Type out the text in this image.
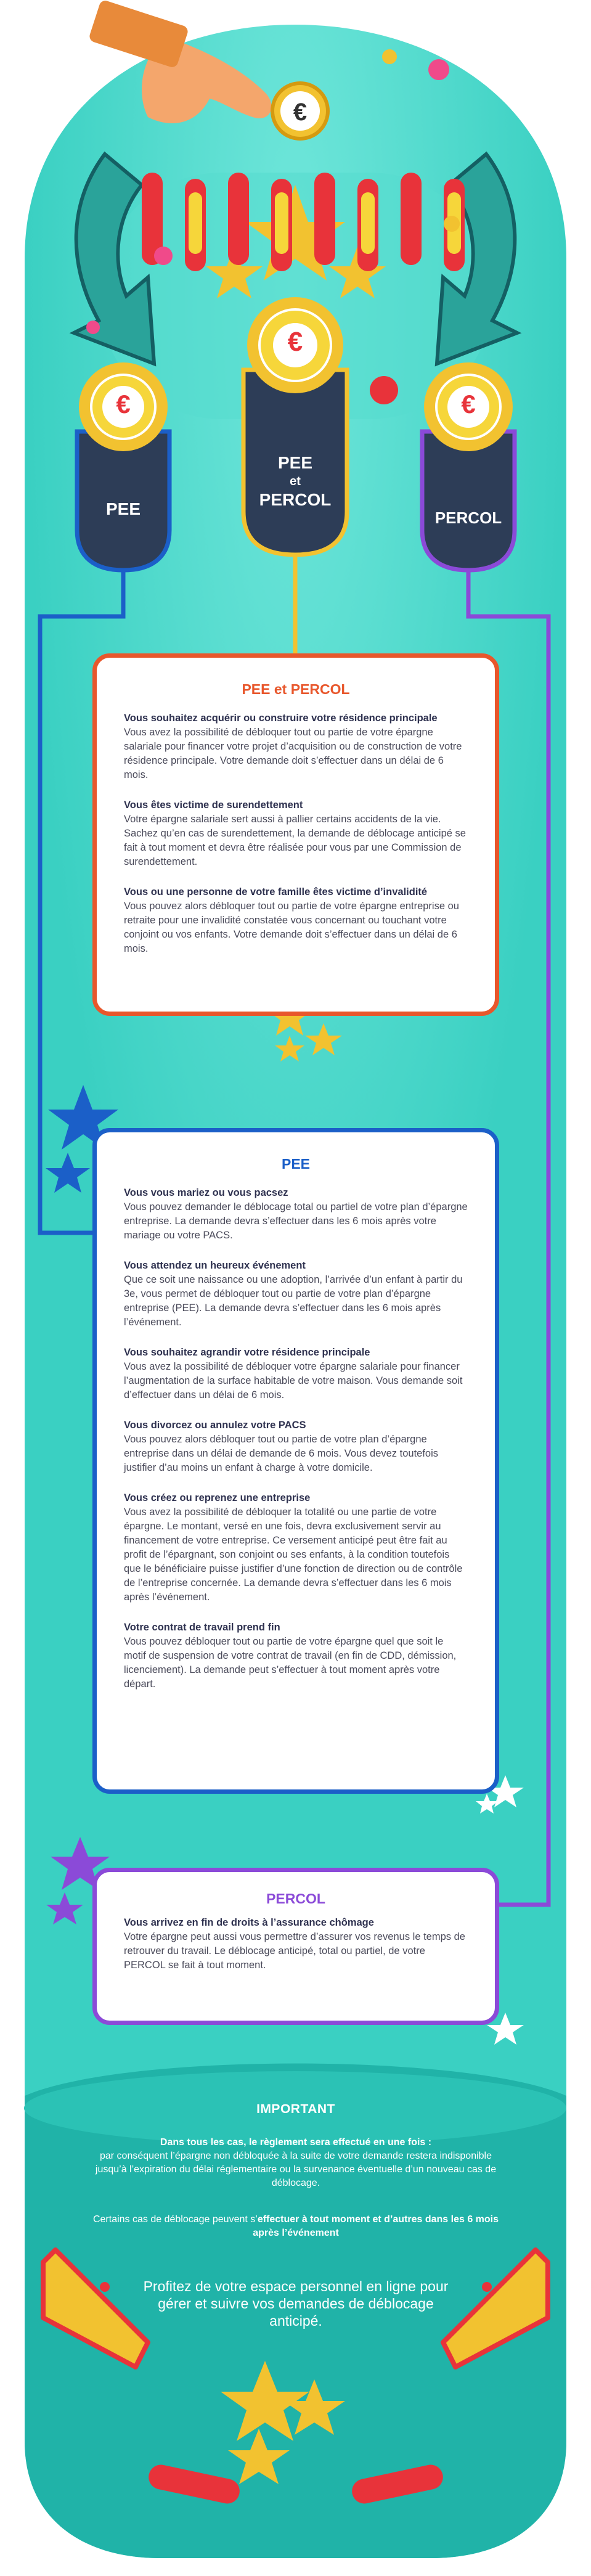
€
€
€
€
PEE
PEE
et
PERCOL
PERCOL
PEE et PERCOL
Vous souhaitez acquérir ou construire votre résidence principale

Vous avez la possibilité de débloquer tout ou partie de votre épargne salariale pour financer votre projet d’acquisition ou de construction de votre résidence principale. Votre demande doit s’effectuer dans un délai de 6 mois.

Vous êtes victime de surendettement

Votre épargne salariale sert aussi à pallier certains accidents de la vie. Sachez qu’en cas de surendettement, la demande de déblocage anticipé se fait à tout moment et devra être réalisée pour vous par une Commission de surendettement.

Vous ou une personne de votre famille êtes victime d’invalidité

Vous pouvez alors débloquer tout ou partie de votre épargne entreprise ou retraite pour une invalidité constatée vous concernant ou touchant votre conjoint ou vos enfants. Votre demande doit s’effectuer dans un délai de 6 mois.

PEE
Vous vous mariez ou vous pacsez

Vous pouvez demander le déblocage total ou partiel de votre plan d’épargne entreprise. La demande devra s’effectuer dans les 6 mois après votre mariage ou votre PACS.

Vous attendez un heureux événement

Que ce soit une naissance ou une adoption, l’arrivée d’un enfant à partir du 3e, vous permet de débloquer tout ou partie de votre plan d’épargne entreprise (PEE). La demande devra s’effectuer dans les 6 mois après l’événement.

Vous souhaitez agrandir votre résidence principale

Vous avez la possibilité de débloquer votre épargne salariale pour financer l’augmentation de la surface habitable de votre maison. Vous demande soit d’effectuer dans un délai de 6 mois.

Vous divorcez ou annulez votre PACS

Vous pouvez alors débloquer tout ou partie de votre plan d’épargne entreprise dans un délai de demande de 6 mois. Vous devez toutefois justifier d’au moins un enfant à charge à votre domicile.

Vous créez ou reprenez une entreprise

Vous avez la possibilité de débloquer la totalité ou une partie de votre épargne. Le montant, versé en une fois, devra exclusivement servir au financement de votre entreprise. Ce versement anticipé peut être fait au profit de l’épargnant, son conjoint ou ses enfants, à la condition toutefois que le bénéficiaire puisse justifier d’une fonction de direction ou de contrôle de l’entreprise concernée. La demande devra s’effectuer dans les 6 mois après l’événement.

Votre contrat de travail prend fin

Vous pouvez débloquer tout ou partie de votre épargne quel que soit le motif de suspension de votre contrat de travail (en fin de CDD, démission, licenciement). La demande peut s’effectuer à tout moment après votre départ.

PERCOL
Vous arrivez en fin de droits à l’assurance chômage

Votre épargne peut aussi vous permettre d’assurer vos revenus le temps de retrouver du travail. Le déblocage anticipé, total ou partiel, de votre PERCOL se fait à tout moment.

IMPORTANT
Dans tous les cas, le règlement sera effectué en une fois :
par conséquent l’épargne non débloquée à la suite de votre demande restera indisponible jusqu’à l’expiration du délai réglementaire ou la survenance éventuelle d’un nouveau cas de déblocage.
Certains cas de déblocage peuvent s’effectuer à tout moment et d’autres dans les 6 mois après l’événement
Profitez de votre espace personnel en ligne pour gérer et suivre vos demandes de déblocage anticipé.
